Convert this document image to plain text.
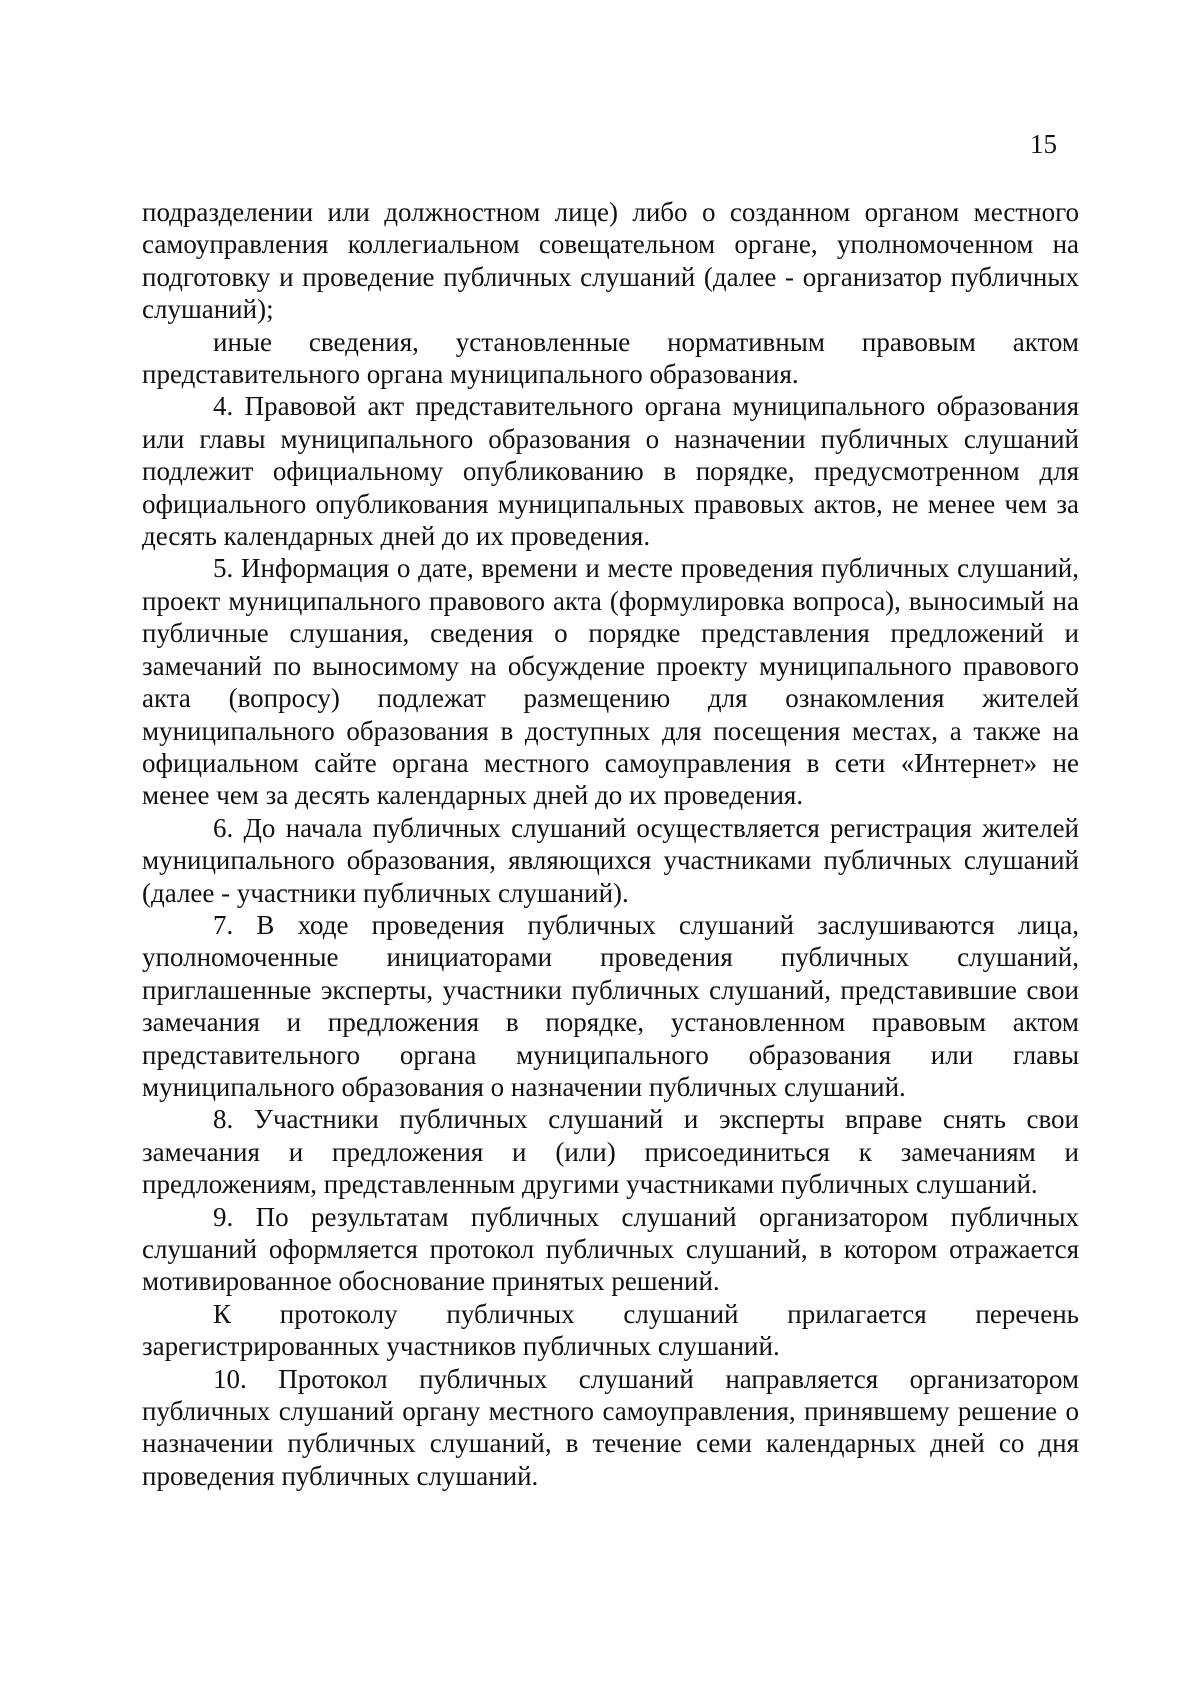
15

подразделении или должностном лице) либо о созданном органом местного самоуправления коллегиальном совещательном органе, уполномоченном на подготовку и проведение публичных слушаний (далее - организатор публичных слушаний);

иные сведения, установленные нормативным правовым актом представительного органа муниципального образования.

4. Правовой акт представительного органа муниципального образования или главы муниципального образования о назначении публичных слушаний подлежит официальному опубликованию в порядке, предусмотренном для официального опубликования муниципальных правовых актов, не менее чем за десять календарных дней до их проведения.

5. Информация о дате, времени и месте проведения публичных слушаний, проект муниципального правового акта (формулировка вопроса), выносимый на публичные слушания, сведения о порядке представления предложений и замечаний по выносимому на обсуждение проекту муниципального правового акта (вопросу) подлежат размещению для ознакомления жителей муниципального образования в доступных для посещения местах, а также на официальном сайте органа местного самоуправления в сети «Интернет» не менее чем за десять календарных дней до их проведения.

6. До начала публичных слушаний осуществляется регистрация жителей муниципального образования, являющихся участниками публичных слушаний (далее - участники публичных слушаний).

7. В ходе проведения публичных слушаний заслушиваются лица, уполномоченные инициаторами проведения публичных слушаний, приглашенные эксперты, участники публичных слушаний, представившие свои замечания и предложения в порядке, установленном правовым актом представительного органа муниципального образования или главы муниципального образования о назначении публичных слушаний.

8. Участники публичных слушаний и эксперты вправе снять свои замечания и предложения и (или) присоединиться к замечаниям и предложениям, представленным другими участниками публичных слушаний.

9. По результатам публичных слушаний организатором публичных слушаний оформляется протокол публичных слушаний, в котором отражается мотивированное обоснование принятых решений.

К протоколу публичных слушаний прилагается перечень зарегистрированных участников публичных слушаний.

10. Протокол публичных слушаний направляется организатором публичных слушаний органу местного самоуправления, принявшему решение о назначении публичных слушаний, в течение семи календарных дней со дня проведения публичных слушаний.
